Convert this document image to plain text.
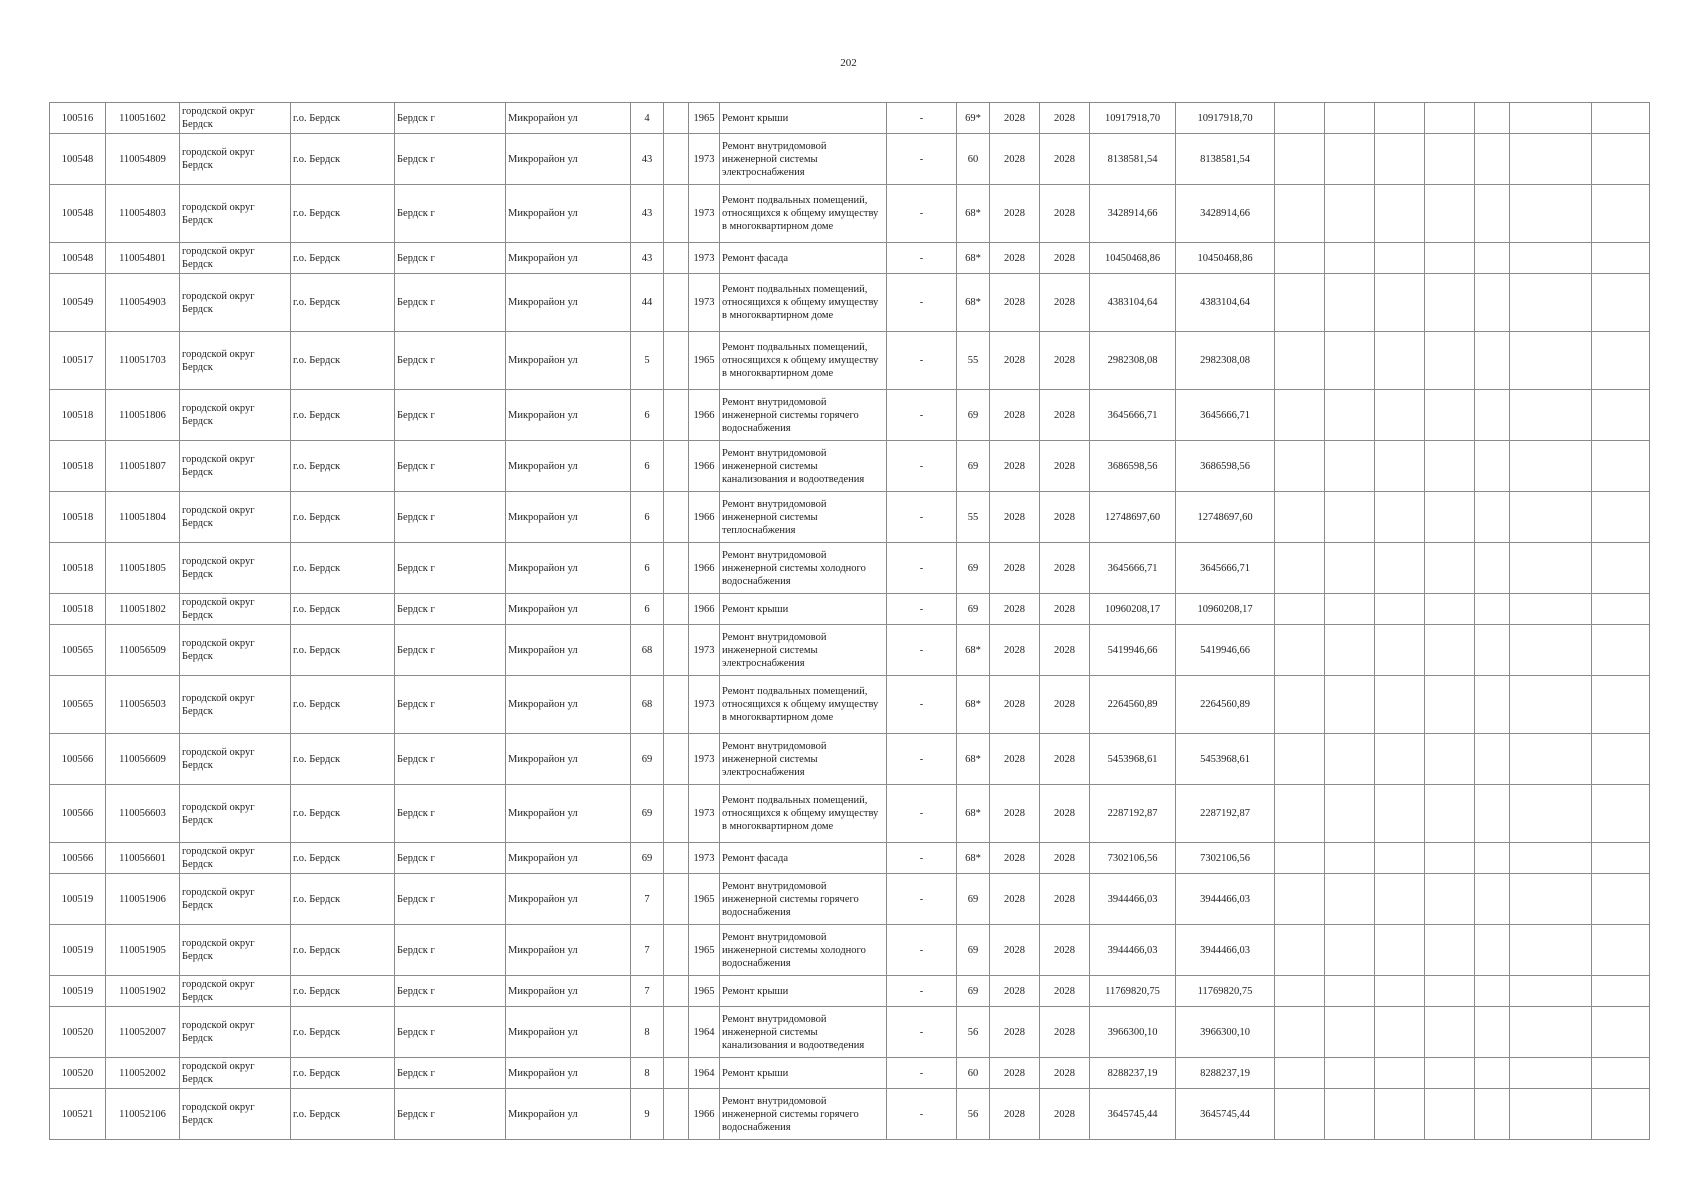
202
100516	110051602	городской округ Бердск	г.о. Бердск	Бердск г	Микрорайон ул	4		1965	Ремонт крыши	-	69*	2028	2028	10917918,70	10917918,70							
100548	110054809	городской округ Бердск	г.о. Бердск	Бердск г	Микрорайон ул	43		1973	Ремонт внутридомовой инженерной системы электроснабжения	-	60	2028	2028	8138581,54	8138581,54							
100548	110054803	городской округ Бердск	г.о. Бердск	Бердск г	Микрорайон ул	43		1973	Ремонт подвальных помещений, относящихся к общему имуществу в многоквартирном доме	-	68*	2028	2028	3428914,66	3428914,66							
100548	110054801	городской округ Бердск	г.о. Бердск	Бердск г	Микрорайон ул	43		1973	Ремонт фасада	-	68*	2028	2028	10450468,86	10450468,86							
100549	110054903	городской округ Бердск	г.о. Бердск	Бердск г	Микрорайон ул	44		1973	Ремонт подвальных помещений, относящихся к общему имуществу в многоквартирном доме	-	68*	2028	2028	4383104,64	4383104,64							
100517	110051703	городской округ Бердск	г.о. Бердск	Бердск г	Микрорайон ул	5		1965	Ремонт подвальных помещений, относящихся к общему имуществу в многоквартирном доме	-	55	2028	2028	2982308,08	2982308,08							
100518	110051806	городской округ Бердск	г.о. Бердск	Бердск г	Микрорайон ул	6		1966	Ремонт внутридомовой инженерной системы горячего водоснабжения	-	69	2028	2028	3645666,71	3645666,71							
100518	110051807	городской округ Бердск	г.о. Бердск	Бердск г	Микрорайон ул	6		1966	Ремонт внутридомовой инженерной системы канализования и водоотведения	-	69	2028	2028	3686598,56	3686598,56							
100518	110051804	городской округ Бердск	г.о. Бердск	Бердск г	Микрорайон ул	6		1966	Ремонт внутридомовой инженерной системы теплоснабжения	-	55	2028	2028	12748697,60	12748697,60							
100518	110051805	городской округ Бердск	г.о. Бердск	Бердск г	Микрорайон ул	6		1966	Ремонт внутридомовой инженерной системы холодного водоснабжения	-	69	2028	2028	3645666,71	3645666,71							
100518	110051802	городской округ Бердск	г.о. Бердск	Бердск г	Микрорайон ул	6		1966	Ремонт крыши	-	69	2028	2028	10960208,17	10960208,17							
100565	110056509	городской округ Бердск	г.о. Бердск	Бердск г	Микрорайон ул	68		1973	Ремонт внутридомовой инженерной системы электроснабжения	-	68*	2028	2028	5419946,66	5419946,66							
100565	110056503	городской округ Бердск	г.о. Бердск	Бердск г	Микрорайон ул	68		1973	Ремонт подвальных помещений, относящихся к общему имуществу в многоквартирном доме	-	68*	2028	2028	2264560,89	2264560,89							
100566	110056609	городской округ Бердск	г.о. Бердск	Бердск г	Микрорайон ул	69		1973	Ремонт внутридомовой инженерной системы электроснабжения	-	68*	2028	2028	5453968,61	5453968,61							
100566	110056603	городской округ Бердск	г.о. Бердск	Бердск г	Микрорайон ул	69		1973	Ремонт подвальных помещений, относящихся к общему имуществу в многоквартирном доме	-	68*	2028	2028	2287192,87	2287192,87							
100566	110056601	городской округ Бердск	г.о. Бердск	Бердск г	Микрорайон ул	69		1973	Ремонт фасада	-	68*	2028	2028	7302106,56	7302106,56							
100519	110051906	городской округ Бердск	г.о. Бердск	Бердск г	Микрорайон ул	7		1965	Ремонт внутридомовой инженерной системы горячего водоснабжения	-	69	2028	2028	3944466,03	3944466,03							
100519	110051905	городской округ Бердск	г.о. Бердск	Бердск г	Микрорайон ул	7		1965	Ремонт внутридомовой инженерной системы холодного водоснабжения	-	69	2028	2028	3944466,03	3944466,03							
100519	110051902	городской округ Бердск	г.о. Бердск	Бердск г	Микрорайон ул	7		1965	Ремонт крыши	-	69	2028	2028	11769820,75	11769820,75							
100520	110052007	городской округ Бердск	г.о. Бердск	Бердск г	Микрорайон ул	8		1964	Ремонт внутридомовой инженерной системы канализования и водоотведения	-	56	2028	2028	3966300,10	3966300,10							
100520	110052002	городской округ Бердск	г.о. Бердск	Бердск г	Микрорайон ул	8		1964	Ремонт крыши	-	60	2028	2028	8288237,19	8288237,19							
100521	110052106	городской округ Бердск	г.о. Бердск	Бердск г	Микрорайон ул	9		1966	Ремонт внутридомовой инженерной системы горячего водоснабжения	-	56	2028	2028	3645745,44	3645745,44							
